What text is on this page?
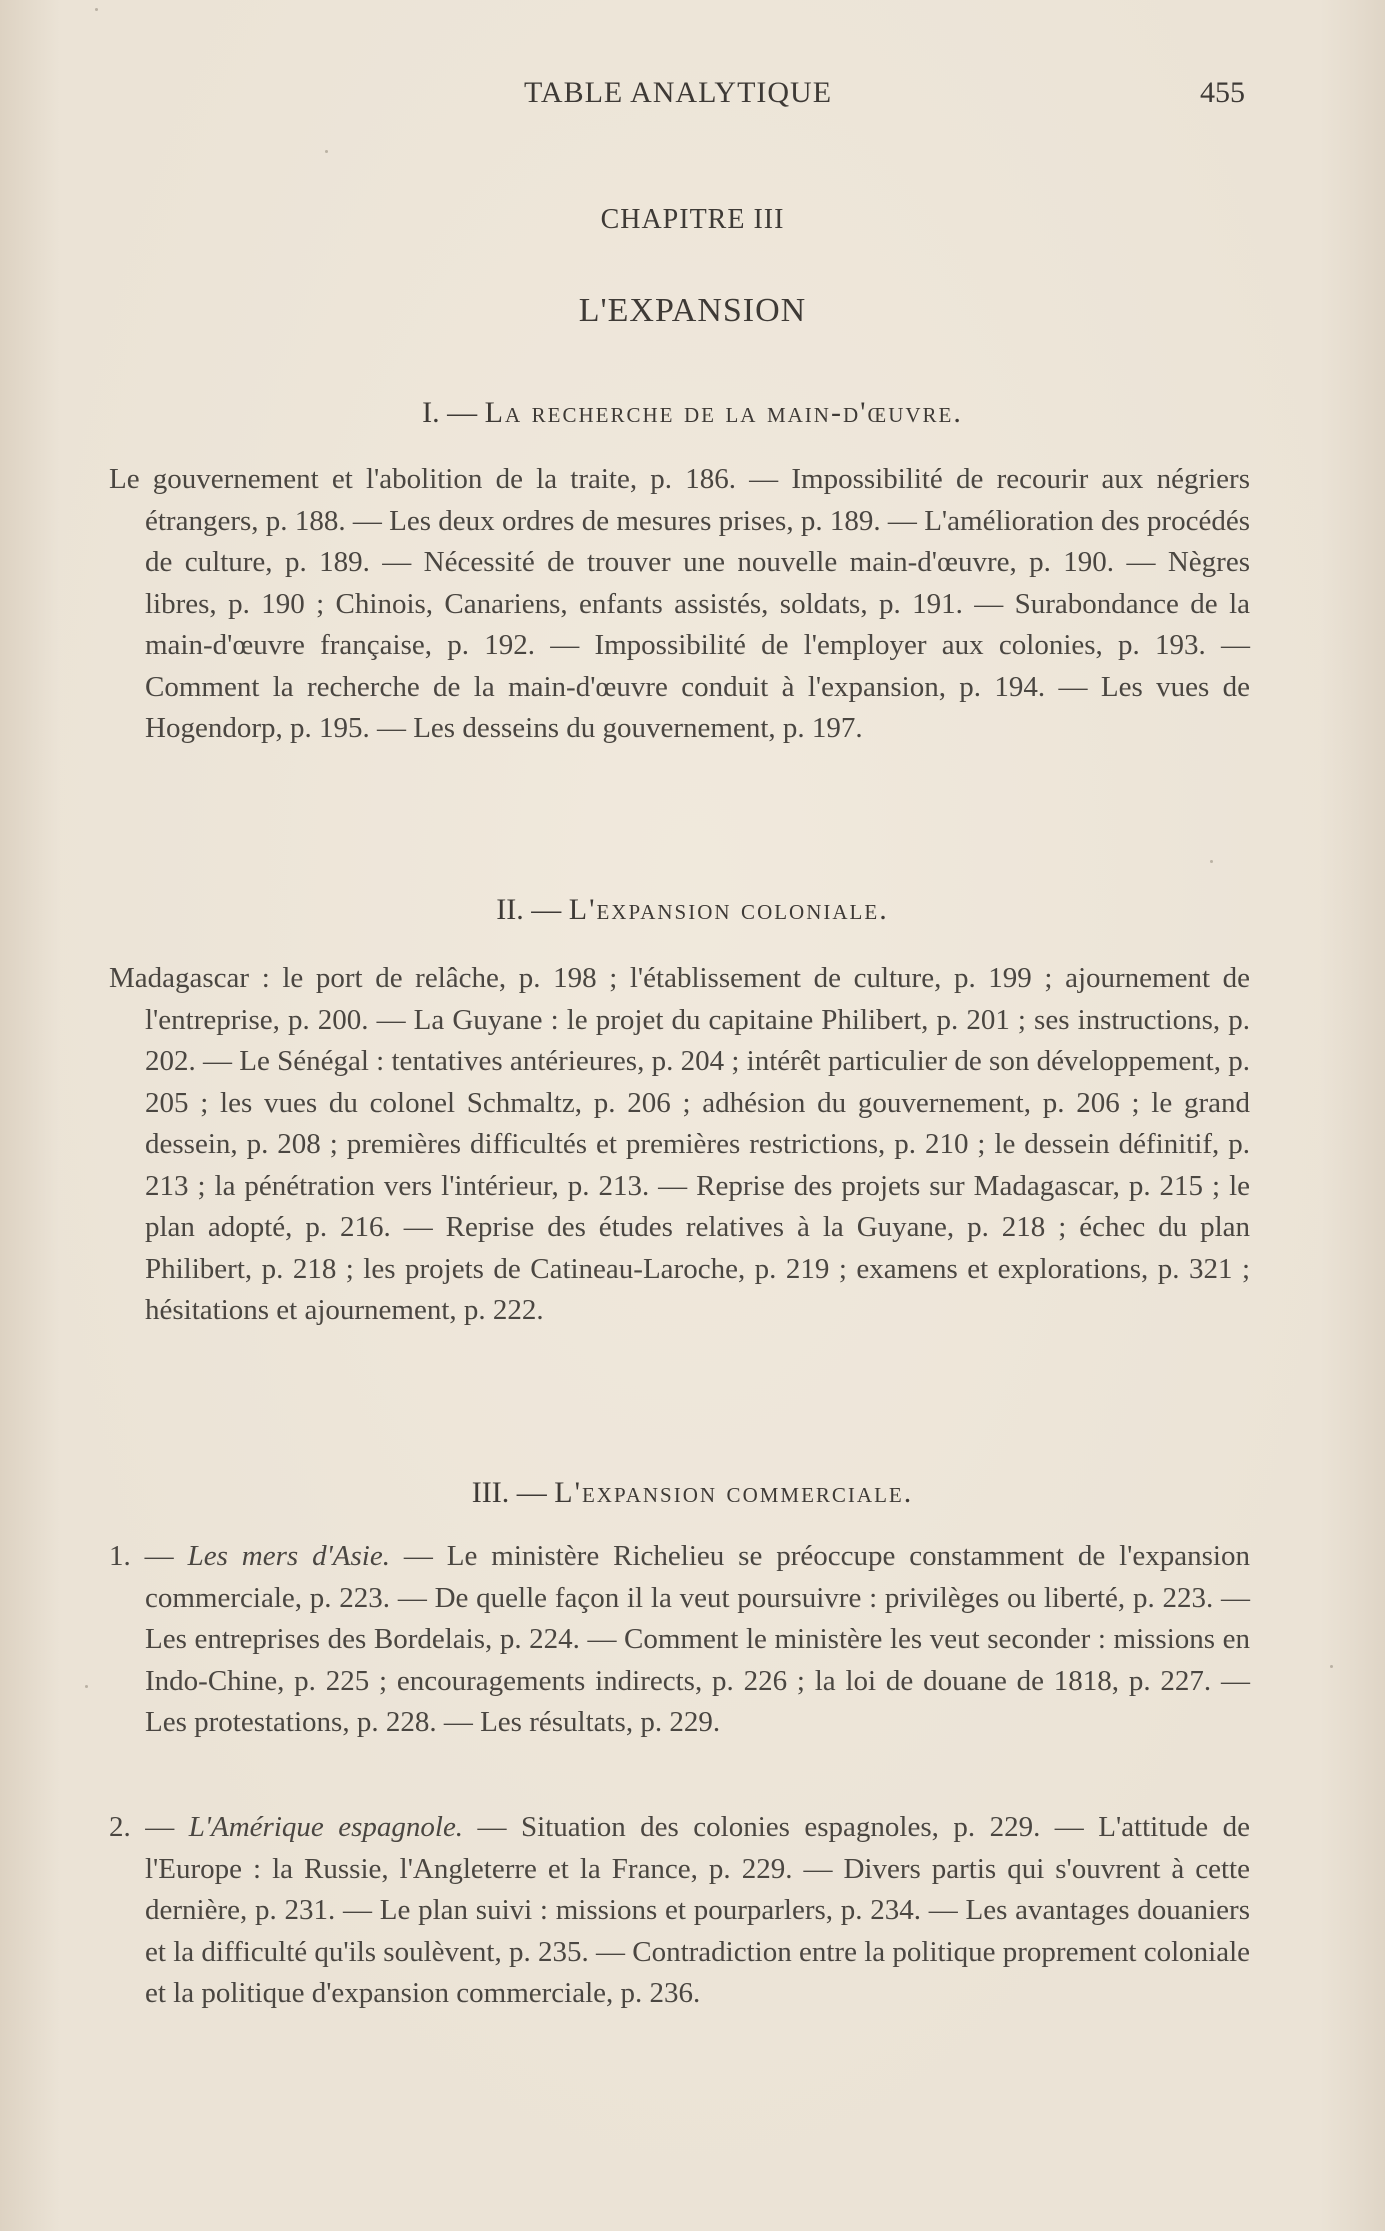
TABLE ANALYTIQUE	455
CHAPITRE III
L'EXPANSION
I. — La recherche de la main-d'œuvre.
Le gouvernement et l'abolition de la traite, p. 186. — Impossibilité de recourir aux négriers étrangers, p. 188. — Les deux ordres de mesures prises, p. 189. — L'amélioration des procédés de culture, p. 189. — Nécessité de trouver une nouvelle main-d'œuvre, p. 190. — Nègres libres, p. 190 ; Chinois, Canariens, enfants assistés, soldats, p. 191. — Surabondance de la main-d'œuvre française, p. 192. — Impossibilité de l'employer aux colonies, p. 193. — Comment la recherche de la main-d'œuvre conduit à l'expansion, p. 194. — Les vues de Hogendorp, p. 195. — Les desseins du gouvernement, p. 197.
II. — L'expansion coloniale.
Madagascar : le port de relâche, p. 198 ; l'établissement de culture, p. 199 ; ajournement de l'entreprise, p. 200. — La Guyane : le projet du capitaine Philibert, p. 201 ; ses instructions, p. 202. — Le Sénégal : tentatives antérieures, p. 204 ; intérêt particulier de son développement, p. 205 ; les vues du colonel Schmaltz, p. 206 ; adhésion du gouvernement, p. 206 ; le grand dessein, p. 208 ; premières difficultés et premières restrictions, p. 210 ; le dessein définitif, p. 213 ; la pénétration vers l'intérieur, p. 213. — Reprise des projets sur Madagascar, p. 215 ; le plan adopté, p. 216. — Reprise des études relatives à la Guyane, p. 218 ; échec du plan Philibert, p. 218 ; les projets de Catineau-Laroche, p. 219 ; examens et explorations, p. 321 ; hésitations et ajournement, p. 222.
III. — L'expansion commerciale.
1. — Les mers d'Asie. — Le ministère Richelieu se préoccupe constamment de l'expansion commerciale, p. 223. — De quelle façon il la veut poursuivre : privilèges ou liberté, p. 223. — Les entreprises des Bordelais, p. 224. — Comment le ministère les veut seconder : missions en Indo-Chine, p. 225 ; encouragements indirects, p. 226 ; la loi de douane de 1818, p. 227. — Les protestations, p. 228. — Les résultats, p. 229.
2. — L'Amérique espagnole. — Situation des colonies espagnoles, p. 229. — L'attitude de l'Europe : la Russie, l'Angleterre et la France, p. 229. — Divers partis qui s'ouvrent à cette dernière, p. 231. — Le plan suivi : missions et pourparlers, p. 234. — Les avantages douaniers et la difficulté qu'ils soulèvent, p. 235. — Contradiction entre la politique proprement coloniale et la politique d'expansion commerciale, p. 236.
